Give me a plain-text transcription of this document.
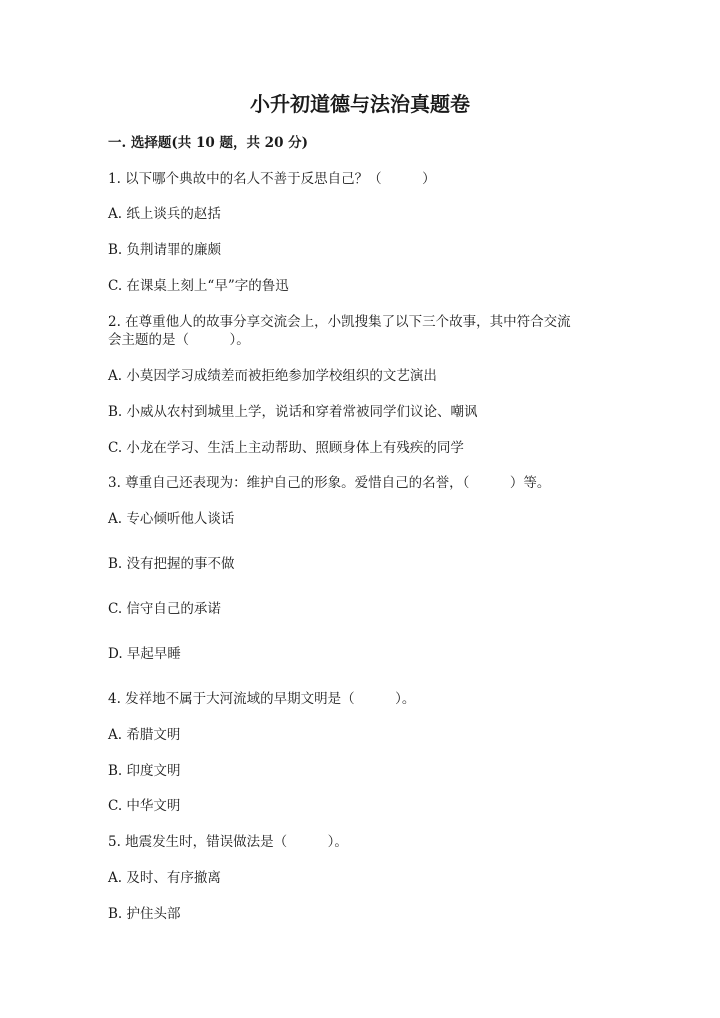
小升初道德与法治真题卷
一. 选择题(共 10 题，共 20 分)
1. 以下哪个典故中的名人不善于反思自己？（　　　）
A. 纸上谈兵的赵括
B. 负荆请罪的廉颇
C. 在课桌上刻上“早”字的鲁迅
2. 在尊重他人的故事分享交流会上，小凯搜集了以下三个故事，其中符合交流
会主题的是（　　　）。
A. 小莫因学习成绩差而被拒绝参加学校组织的文艺演出
B. 小威从农村到城里上学，说话和穿着常被同学们议论、嘲讽
C. 小龙在学习、生活上主动帮助、照顾身体上有残疾的同学
3. 尊重自己还表现为：维护自己的形象。爱惜自己的名誉，（　　　）等。
A. 专心倾听他人谈话
B. 没有把握的事不做
C. 信守自己的承诺
D. 早起早睡
4. 发祥地不属于大河流域的早期文明是（　　　）。
A. 希腊文明
B. 印度文明
C. 中华文明
5. 地震发生时，错误做法是（　　　）。
A. 及时、有序撤离
B. 护住头部
